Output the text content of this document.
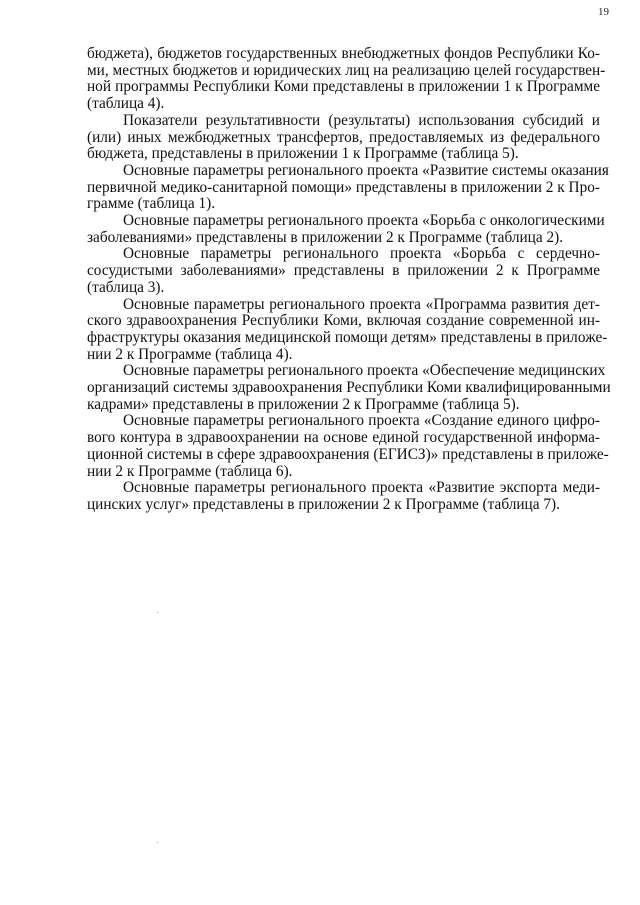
19

бюджета), бюджетов государственных внебюджетных фондов Республики Ко-
ми, местных бюджетов и юридических лиц на реализацию целей государствен-
ной программы Республики Коми представлены в приложении 1 к Программе
(таблица 4).

Показатели результативности (результаты) использования субсидий и
(или) иных межбюджетных трансфертов, предоставляемых из федерального
бюджета, представлены в приложении 1 к Программе (таблица 5).

Основные параметры регионального проекта «Развитие системы оказания
первичной медико-санитарной помощи» представлены в приложении 2 к Про-
грамме (таблица 1).

Основные параметры регионального проекта «Борьба с онкологическими
заболеваниями» представлены в приложении 2 к Программе (таблица 2).

Основные параметры регионального проекта «Борьба с сердечно-
сосудистыми заболеваниями» представлены в приложении 2 к Программе
(таблица 3).

Основные параметры регионального проекта «Программа развития дет-
ского здравоохранения Республики Коми, включая создание современной ин-
фраструктуры оказания медицинской помощи детям» представлены в приложе-
нии 2 к Программе (таблица 4).

Основные параметры регионального проекта «Обеспечение медицинских
организаций системы здравоохранения Республики Коми квалифицированными
кадрами» представлены в приложении 2 к Программе (таблица 5).

Основные параметры регионального проекта «Создание единого цифро-
вого контура в здравоохранении на основе единой государственной информа-
ционной системы в сфере здравоохранения (ЕГИСЗ)» представлены в приложе-
нии 2 к Программе (таблица 6).

Основные параметры регионального проекта «Развитие экспорта меди-
цинских услуг» представлены в приложении 2 к Программе (таблица 7).
